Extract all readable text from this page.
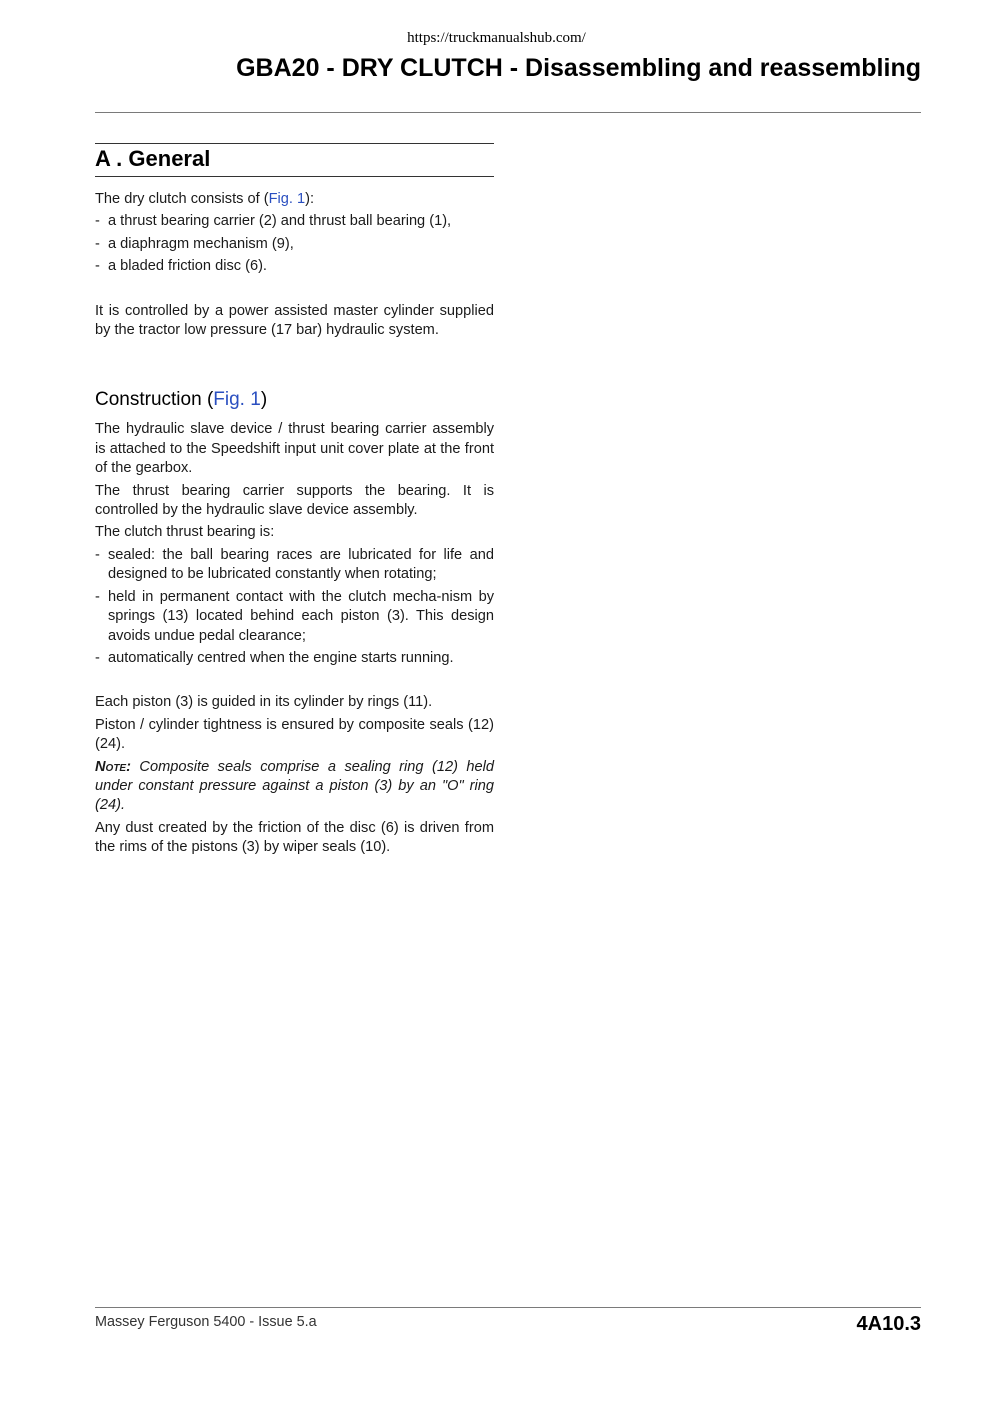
https://truckmanualshub.com/
GBA20 - DRY CLUTCH - Disassembling and reassembling
A . General

The dry clutch consists of (Fig. 1):

- a thrust bearing carrier (2) and thrust ball bearing (1),
- a diaphragm mechanism (9),
- a bladed friction disc (6).

It is controlled by a power assisted master cylinder supplied by the tractor low pressure (17 bar) hydraulic system.

Construction (Fig. 1)

The hydraulic slave device / thrust bearing carrier assembly is attached to the Speedshift input unit cover plate at the front of the gearbox.

The thrust bearing carrier supports the bearing. It is controlled by the hydraulic slave device assembly.

The clutch thrust bearing is:

- sealed: the ball bearing races are lubricated for life and designed to be lubricated constantly when rotating;
- held in permanent contact with the clutch mecha-nism by springs (13) located behind each piston (3). This design avoids undue pedal clearance;
- automatically centred when the engine starts running.

Each piston (3) is guided in its cylinder by rings (11).

Piston / cylinder tightness is ensured by composite seals (12) (24).

Note: Composite seals comprise a sealing ring (12) held under constant pressure against a piston (3) by an "O" ring (24).

Any dust created by the friction of the disc (6) is driven from the rims of the pistons (3) by wiper seals (10).

Massey Ferguson 5400 - Issue 5.a	4A10.3
